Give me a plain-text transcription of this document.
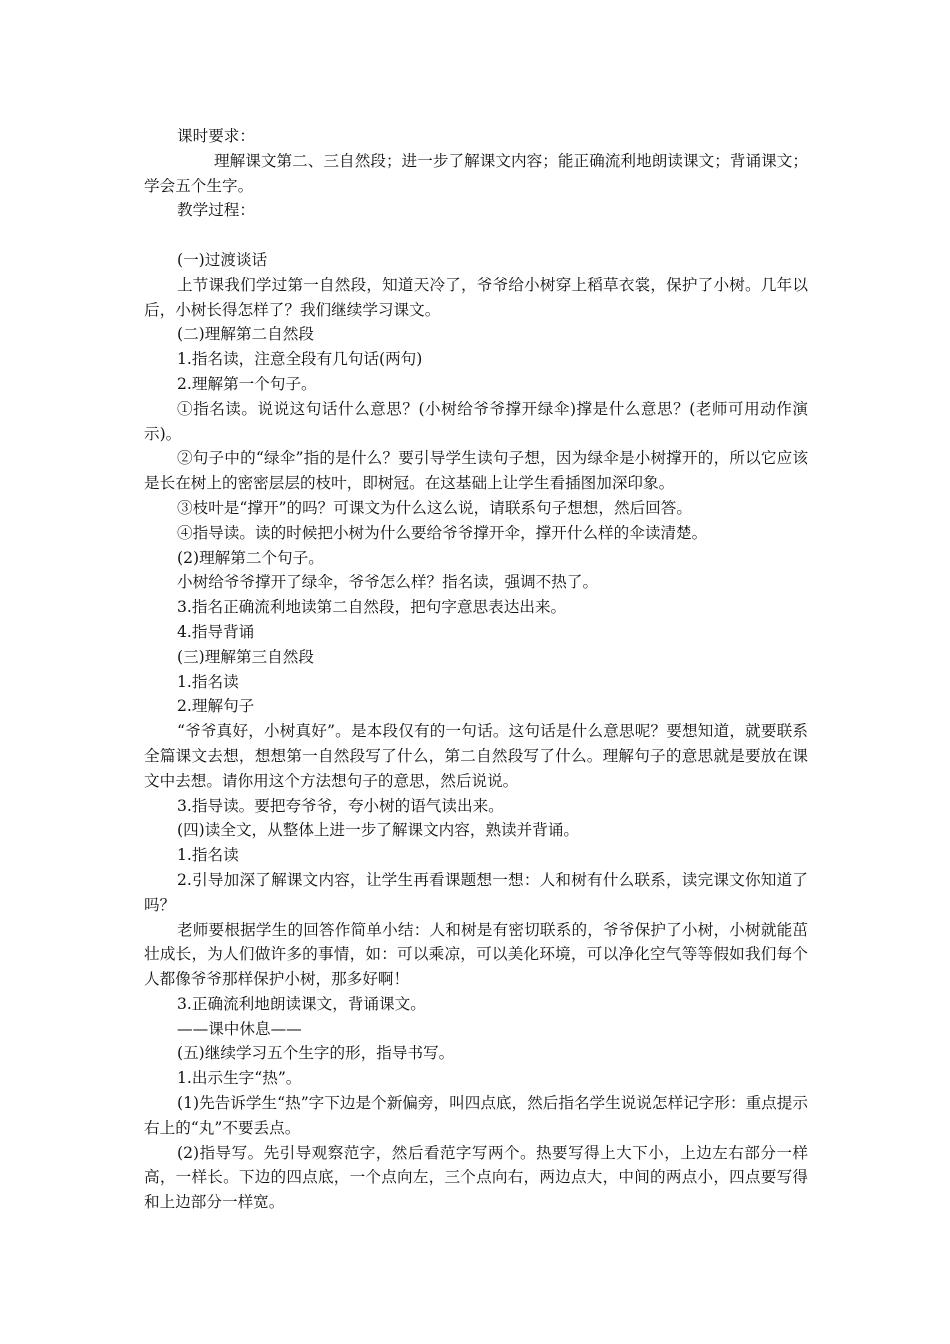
课时要求：

理解课文第二、三自然段；进一步了解课文内容；能正确流利地朗读课文；背诵课文；学会五个生字。

教学过程：

(一)过渡谈话

上节课我们学过第一自然段，知道天冷了，爷爷给小树穿上稻草衣裳，保护了小树。几年以后，小树长得怎样了？我们继续学习课文。

(二)理解第二自然段

1.指名读，注意全段有几句话(两句)

2.理解第一个句子。

①指名读。说说这句话什么意思？(小树给爷爷撑开绿伞)撑是什么意思？(老师可用动作演示)。

②句子中的“绿伞”指的是什么？要引导学生读句子想，因为绿伞是小树撑开的，所以它应该是长在树上的密密层层的枝叶，即树冠。在这基础上让学生看插图加深印象。

③枝叶是“撑开”的吗？可课文为什么这么说，请联系句子想想，然后回答。

④指导读。读的时候把小树为什么要给爷爷撑开伞，撑开什么样的伞读清楚。

(2)理解第二个句子。

小树给爷爷撑开了绿伞，爷爷怎么样？指名读，强调不热了。

3.指名正确流利地读第二自然段，把句字意思表达出来。

4.指导背诵

(三)理解第三自然段

1.指名读

2.理解句子

“爷爷真好，小树真好”。是本段仅有的一句话。这句话是什么意思呢？要想知道，就要联系全篇课文去想，想想第一自然段写了什么，第二自然段写了什么。理解句子的意思就是要放在课文中去想。请你用这个方法想句子的意思，然后说说。

3.指导读。要把夸爷爷，夸小树的语气读出来。

(四)读全文，从整体上进一步了解课文内容，熟读并背诵。

1.指名读

2.引导加深了解课文内容，让学生再看课题想一想：人和树有什么联系，读完课文你知道了吗？

老师要根据学生的回答作简单小结：人和树是有密切联系的，爷爷保护了小树，小树就能茁壮成长，为人们做许多的事情，如：可以乘凉，可以美化环境，可以净化空气等等假如我们每个人都像爷爷那样保护小树，那多好啊！

3.正确流利地朗读课文，背诵课文。

——课中休息——

(五)继续学习五个生字的形，指导书写。

1.出示生字“热”。

(1)先告诉学生“热”字下边是个新偏旁，叫四点底，然后指名学生说说怎样记字形：重点提示右上的“丸”不要丢点。

(2)指导写。先引导观察范字，然后看范字写两个。热要写得上大下小，上边左右部分一样高，一样长。下边的四点底，一个点向左，三个点向右，两边点大，中间的两点小，四点要写得和上边部分一样宽。
